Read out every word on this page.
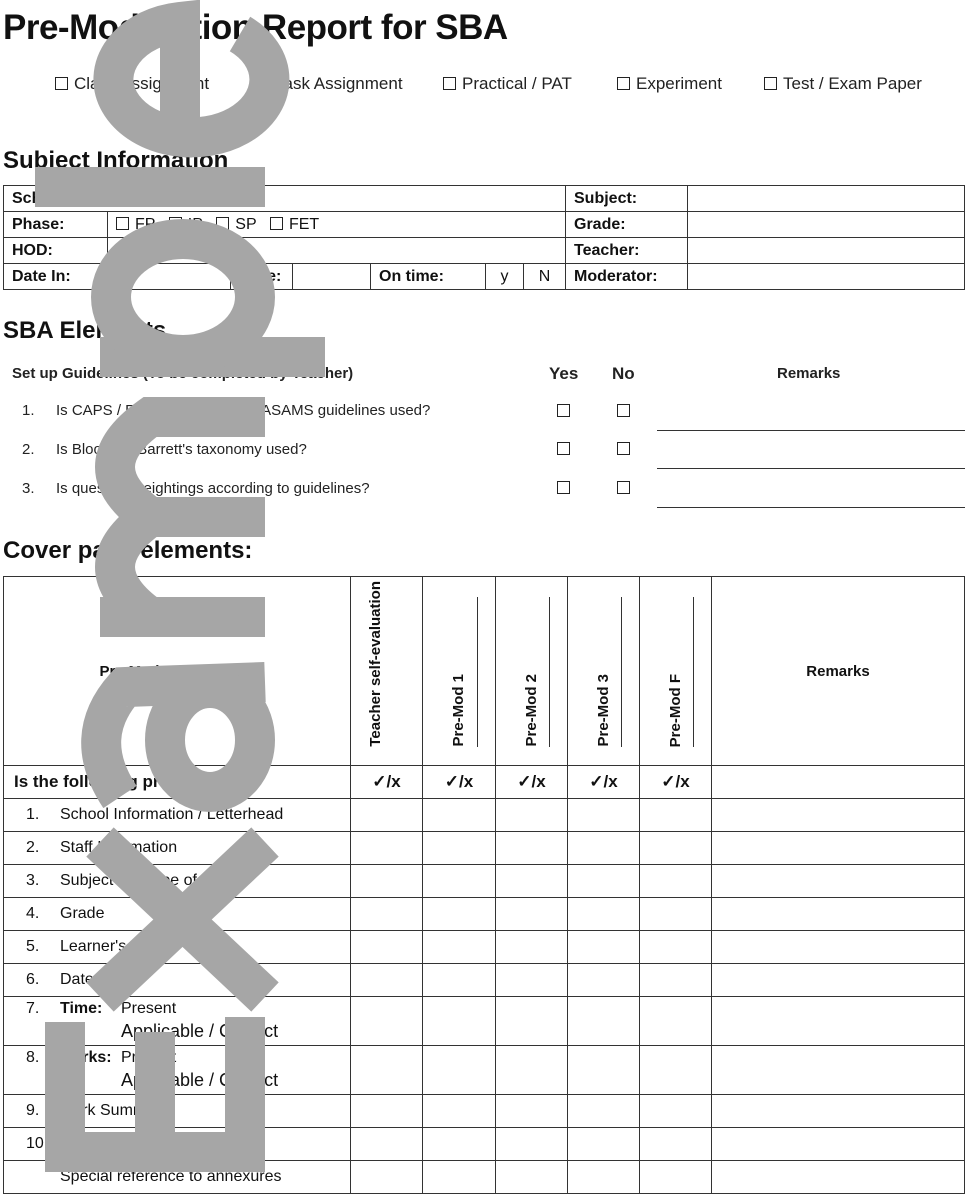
Pre-Moderation Report for SBA
Class Assignment	Task Assignment	Practical / PAT	Experiment	Test / Exam Paper
Subject Information
School:							Subject:	
Phase:	FP IP SP FET						Grade:	
HOD:							Teacher:	
Date In:		Time:		On time:	y	N	Moderator:	
SBA Elements
Set up Guidelines (To be completed by Teacher)	Yes No	Remarks
1. Is CAPS / Exam Guidelines / SASAMS guidelines used?
2. Is Bloom's / Barrett's taxonomy used?
3. Is question weightings according to guidelines?
Cover page elements:
Pre-Moderation Dates	Teacher self-evaluation	Pre-Mod 1	Pre-Mod 2	Pre-Mod 3	Pre-Mod F	Remarks
Is the following present?	✓/x	✓/x	✓/x	✓/x	✓/x	
1. School Information / Letterhead						
2. Staff Information						
3. Subject and type of SBA						
4. Grade						
5. Learner's name						
6. Date						

7. Time: Present
Applicable / Correct						

8. Marks: Present
Applicable / Correct						

9. Mark Summary						
10. Clear instructions						
Special reference to annexures						
